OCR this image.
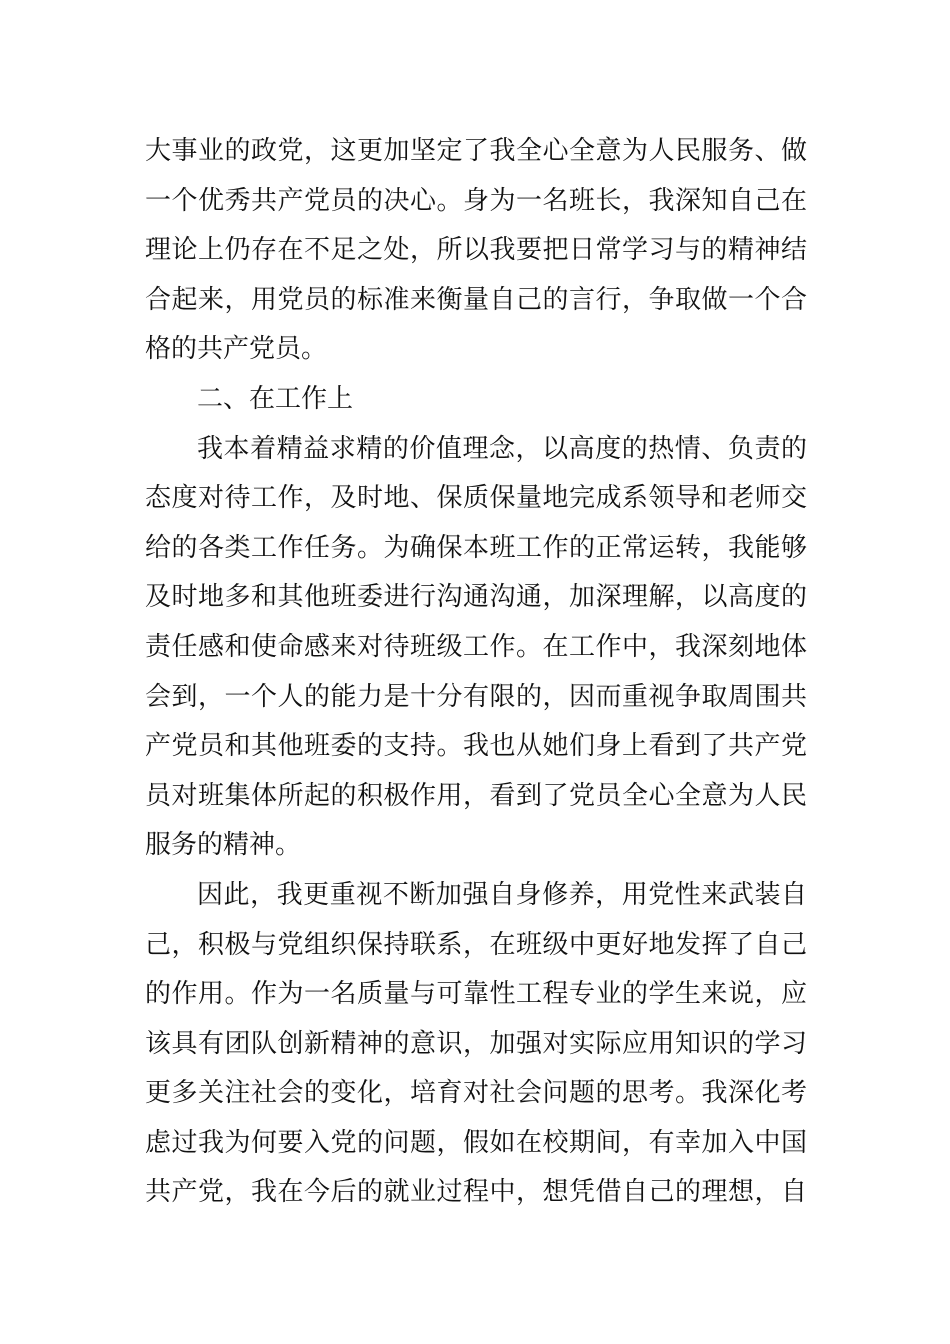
大事业的政党，这更加坚定了我全心全意为人民服务、做
一个优秀共产党员的决心。身为一名班长，我深知自己在
理论上仍存在不足之处，所以我要把日常学习与的精神结
合起来，用党员的标准来衡量自己的言行，争取做一个合
格的共产党员。
二、在工作上
我本着精益求精的价值理念，以高度的热情、负责的
态度对待工作，及时地、保质保量地完成系领导和老师交
给的各类工作任务。为确保本班工作的正常运转，我能够
及时地多和其他班委进行沟通沟通，加深理解，以高度的
责任感和使命感来对待班级工作。在工作中，我深刻地体
会到，一个人的能力是十分有限的，因而重视争取周围共
产党员和其他班委的支持。我也从她们身上看到了共产党
员对班集体所起的积极作用，看到了党员全心全意为人民
服务的精神。
因此，我更重视不断加强自身修养，用党性来武装自
己，积极与党组织保持联系，在班级中更好地发挥了自己
的作用。作为一名质量与可靠性工程专业的学生来说，应
该具有团队创新精神的意识，加强对实际应用知识的学习
更多关注社会的变化，培育对社会问题的思考。我深化考
虑过我为何要入党的问题，假如在校期间，有幸加入中国
共产党，我在今后的就业过程中，想凭借自己的理想，自
